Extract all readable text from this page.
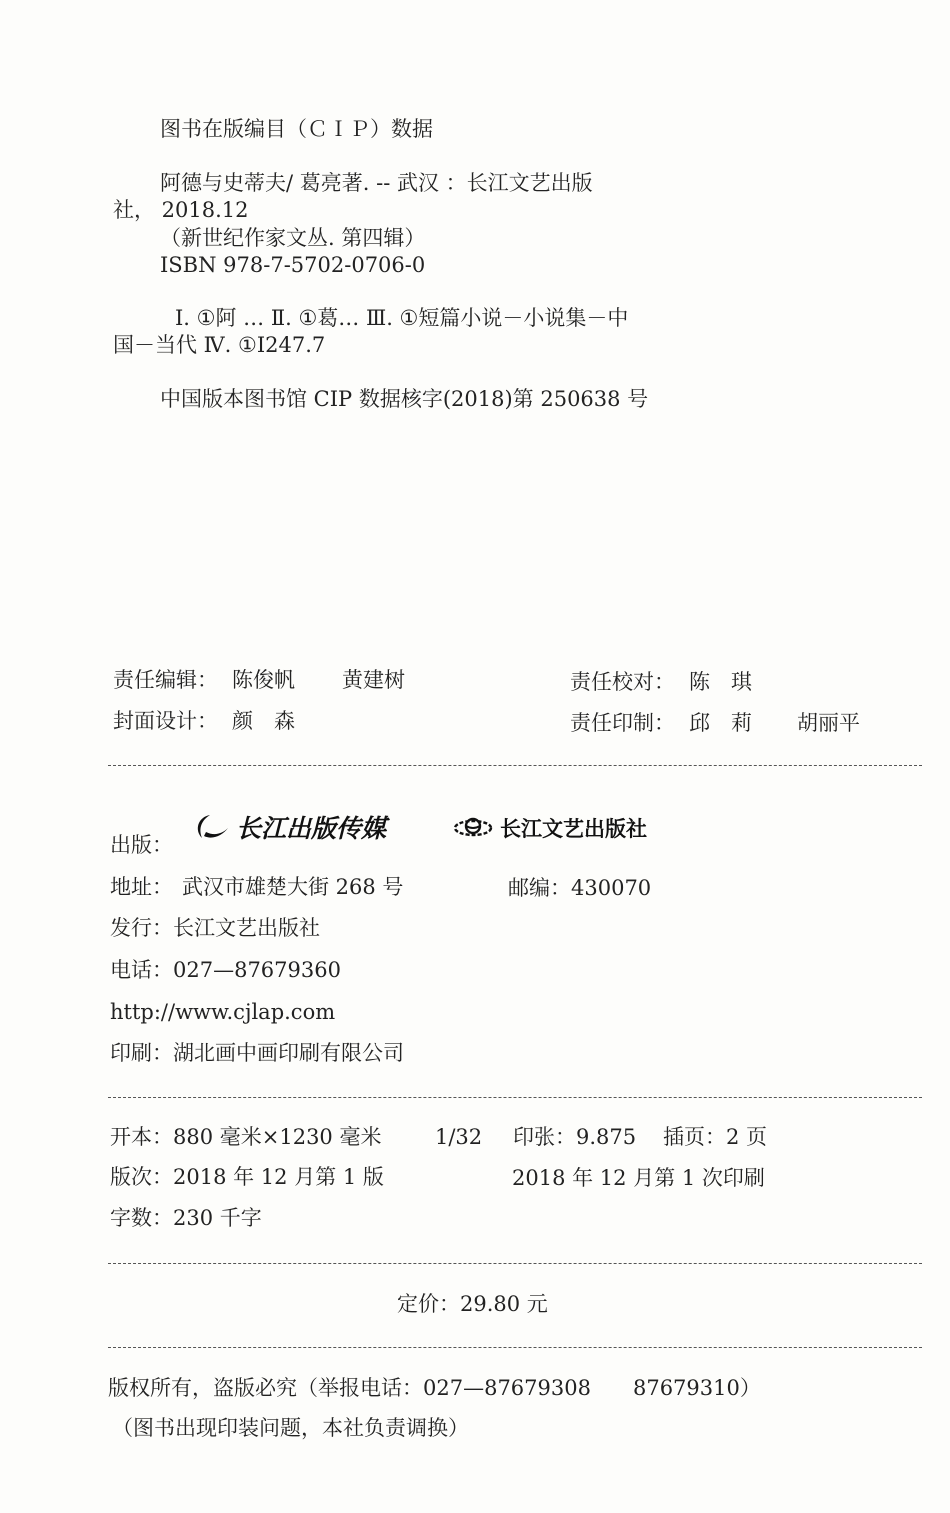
图书在版编目（ＣＩＰ）数据
阿德与史蒂夫/ 葛亮著. -- 武汉 ：长江文艺出版
社， 2018.12
（新世纪作家文丛. 第四辑）
ISBN 978-7-5702-0706-0
Ⅰ. ①阿 … Ⅱ. ①葛… Ⅲ. ①短篇小说－小说集－中
国－当代 Ⅳ. ①I247.7
中国版本图书馆 CIP 数据核字(2018)第 250638 号
责任编辑： 陈俊帆 黄建树	责任校对： 陈　琪
封面设计： 颜　森	责任印制： 邱　莉 胡丽平
出版：
长江出版传媒	长江文艺出版社
地址： 武汉市雄楚大街 268 号	邮编：430070
发行：长江文艺出版社
电话：027—87679360
http://www.cjlap.com
印刷：湖北画中画印刷有限公司
开本：880 毫米×1230 毫米	1/32 印张：9.875 插页：2 页
版次：2018 年 12 月第 1 版	2018 年 12 月第 1 次印刷
字数：230 千字
定价：29.80 元
版权所有，盗版必究（举报电话：027—87679308　　87679310）
（图书出现印装问题，本社负责调换）
